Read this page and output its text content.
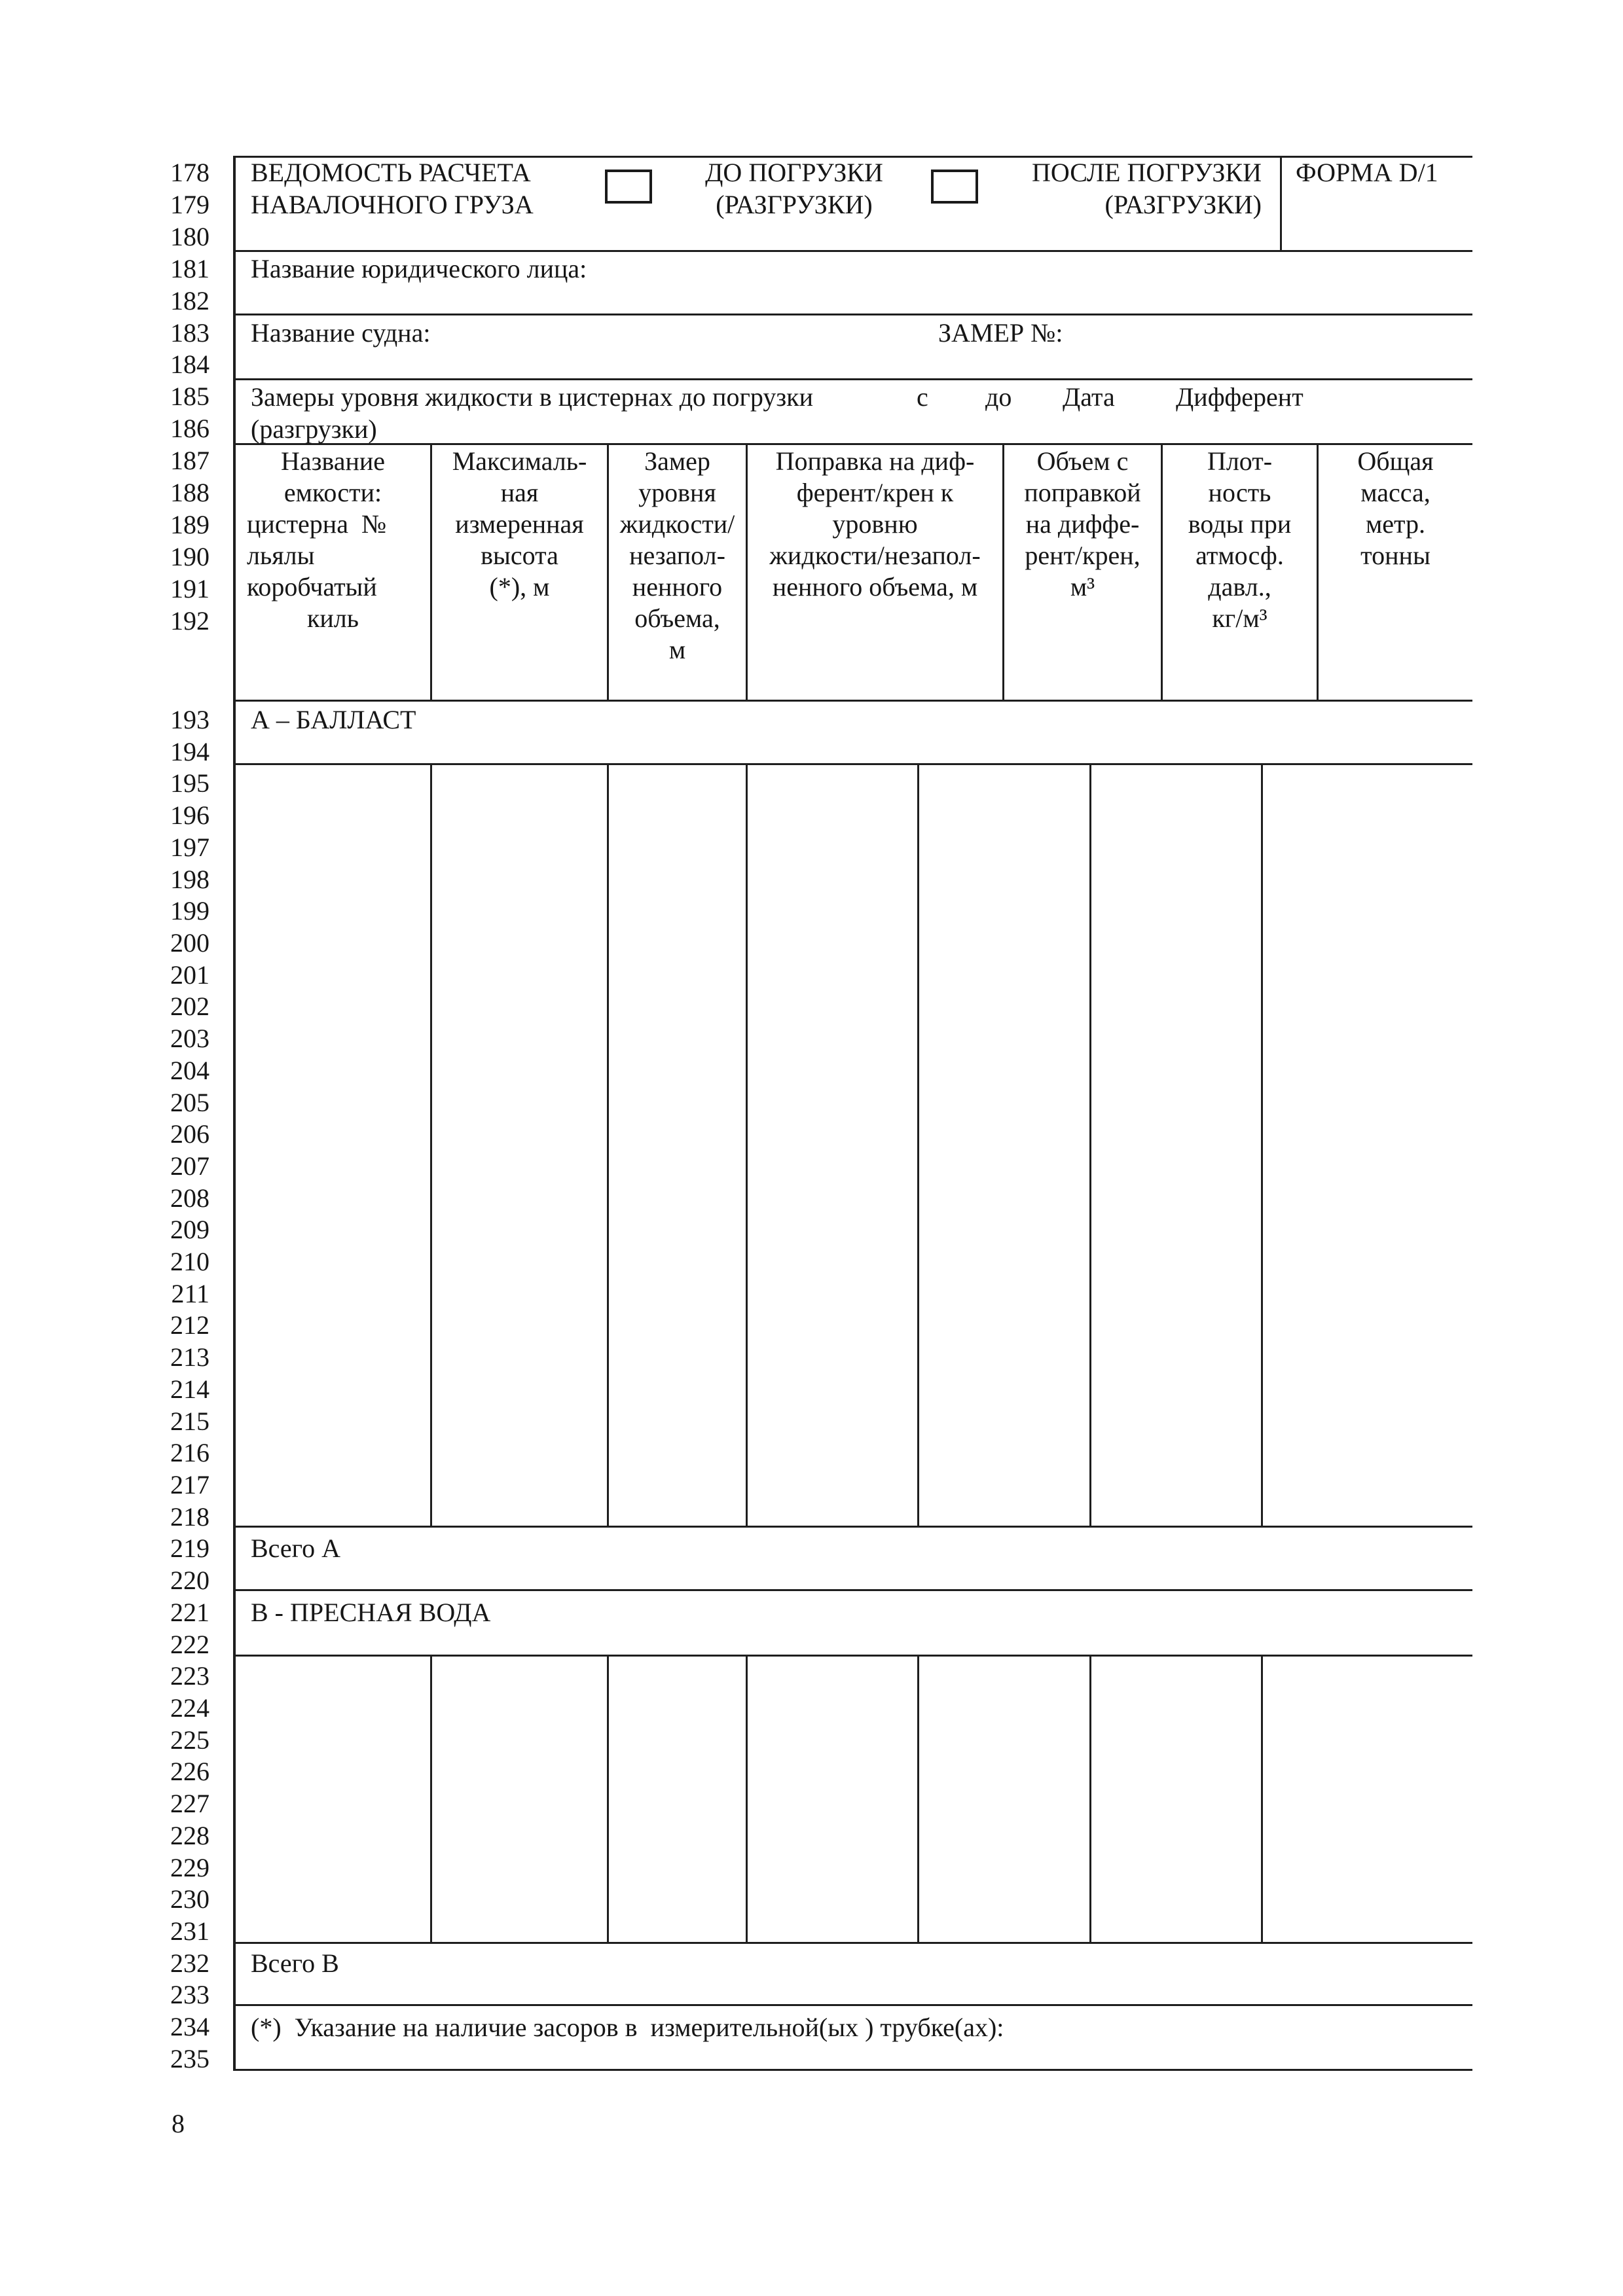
178
179
180
181
182
183
184
185
186
187
188
189
190
191
192
193
194
195
196
197
198
199
200
201
202
203
204
205
206
207
208
209
210
211
212
213
214
215
216
217
218
219
220
221
222
223
224
225
226
227
228
229
230
231
232
233
234
235
ВЕДОМОСТЬ РАСЧЕТА
НАВАЛОЧНОГО ГРУЗА
ДО ПОГРУЗКИ
(РАЗГРУЗКИ)
ПОСЛЕ ПОГРУЗКИ
(РАЗГРУЗКИ)
ФОРМА D/1
Название юридического лица:
Название судна:	ЗАМЕР №:
Замеры уровня жидкости в цистернах до погрузки	с до Дата Дифферент
(разгрузки)
Название
емкости:
цистерна  №
льялы
коробчатый
киль
Максималь-
ная
измеренная
высота
(*), м
Замер
уровня
жидкости/
незапол-
ненного
объема,
м
Поправка на диф-
ферент/крен к
уровню
жидкости/незапол-
ненного объема, м
Объем с
поправкой
на диффе-
рент/крен,
м³
Плот-
ность
воды при
атмосф.
давл.,
кг/м³
Общая
масса,
метр.
тонны
А – БАЛЛАСТ
Всего А
В - ПРЕСНАЯ ВОДА
Всего В
(*)  Указание на наличие засоров в  измерительной(ых ) трубке(ах):
8
